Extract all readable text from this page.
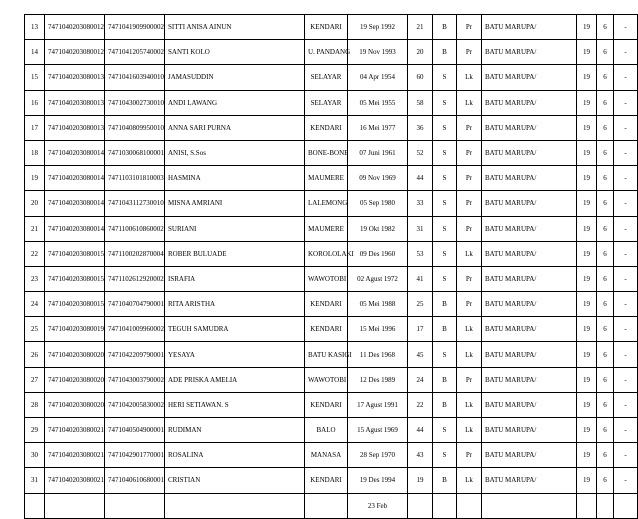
13	7471040203080012	7471041909900002	SITTI ANISA AINUN	KENDARI	19 Sep 1992	21	B	Pr	BATU MARUPA/	19	6	-
14	7471040203080012	7471041205740002	SANTI KOLO	U. PANDANG	19 Nov 1993	20	B	Pr	BATU MARUPA/	19	6	-
15	7471040203080013	7471041603940010	JAMASUDDIN	SELAYAR	04 Apr 1954	60	S	Lk	BATU MARUPA/	19	6	-
16	7471040203080013	7471043002730010	ANDI LAWANG	SELAYAR	05 Mei 1955	58	S	Lk	BATU MARUPA/	19	6	-
17	7471040203080013	7471040809950010	ANNA SARI PURNA	KENDARI	16 Mei 1977	36	S	Pr	BATU MARUPA/	19	6	-
18	7471040203080014	7471030068100001	ANISI, S.Sos	BONE-BONE	07 Juni 1961	52	S	Pr	BATU MARUPA/	19	6	-
19	7471040203080014	7471103101810003	HASMINA	MAUMERE	09 Nov 1969	44	S	Pr	BATU MARUPA/	19	6	-
20	7471040203080014	7471043112730010	MISNA AMRIANI	LALEMONG	05 Sep 1980	33	S	Pr	BATU MARUPA/	19	6	-
21	7471040203080014	7471100610860002	SURIANI	MAUMERE	19 Okt 1982	31	S	Pr	BATU MARUPA/	19	6	-
22	7471040203080015	7471100202870004	ROBER BULUADE	KOROLOLAKI	09 Des 1960	53	S	Lk	BATU MARUPA/	19	6	-
23	7471040203080015	7471102612920002	ISRAFIA	WAWOTOBI	02 Agust 1972	41	S	Pr	BATU MARUPA/	19	6	-
24	7471040203080015	7471040704790001	RITA ARISTHA	KENDARI	05 Mei 1988	25	B	Pr	BATU MARUPA/	19	6	-
25	7471040203080019	7471041009960002	TEGUH SAMUDRA	KENDARI	15 Mei 1996	17	B	Lk	BATU MARUPA/	19	6	-
26	7471040203080020	7471042209790001	YESAYA	BATU KASIGI	11 Des 1968	45	S	Lk	BATU MARUPA/	19	6	-
27	7471040203080020	7471043003790002	ADE PRISKA AMELIA	WAWOTOBI	12 Des 1989	24	B	Pr	BATU MARUPA/	19	6	-
28	7471040203080020	7471042005830002	HERI SETIAWAN. S	KENDARI	17 Agust 1991	22	B	Lk	BATU MARUPA/	19	6	-
29	7471040203080021	7471040504900001	RUDIMAN	BALO	15 Agust 1969	44	S	Lk	BATU MARUPA/	19	6	-
30	7471040203080021	7471042901770001	ROSALINA	MANASA	28 Sep 1970	43	S	Pr	BATU MARUPA/	19	6	-
31	7471040203080021	7471040610680001	CRISTIAN	KENDARI	19 Des 1994	19	B	Lk	BATU MARUPA/	19	6	-
					23 Feb							
